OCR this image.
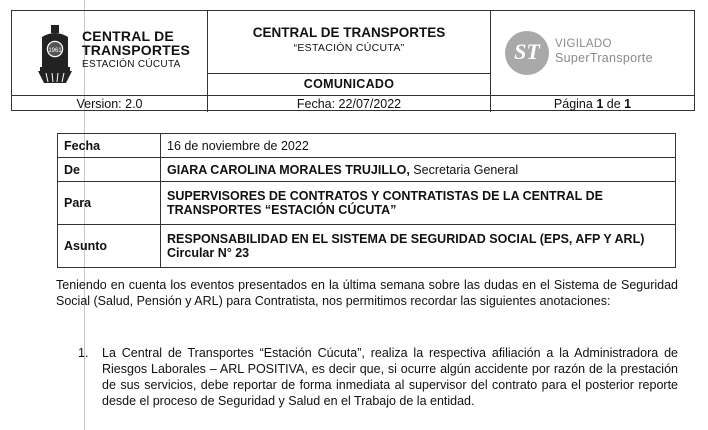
1961
CENTRAL DE
TRANSPORTES
ESTACIÓN CÚCUTA
CENTRAL DE TRANSPORTES
“ESTACIÓN CÚCUTA”
COMUNICADO
ST	VIGILADO
SuperTransporte
Version: 2.0	Fecha: 22/07/2022	Página 1 de 1
Fecha	16 de noviembre de 2022
De	GIARA CAROLINA MORALES TRUJILLO, Secretaria General
Para	SUPERVISORES DE CONTRATOS Y CONTRATISTAS DE LA CENTRAL DE TRANSPORTES “ESTACIÓN CÚCUTA”
Asunto	RESPONSABILIDAD EN EL SISTEMA DE SEGURIDAD SOCIAL (EPS, AFP Y ARL) Circular N° 23
Teniendo en cuenta los eventos presentados en la última semana sobre las dudas en el Sistema de Seguridad Social (Salud, Pensión y ARL) para Contratista, nos permitimos recordar las siguientes anotaciones:
1. La Central de Transportes “Estación Cúcuta”, realiza la respectiva afiliación a la Administradora de Riesgos Laborales – ARL POSITIVA, es decir que, si ocurre algún accidente por razón de la prestación de sus servicios, debe reportar de forma inmediata al supervisor del contrato para el posterior reporte desde el proceso de Seguridad y Salud en el Trabajo de la entidad.
